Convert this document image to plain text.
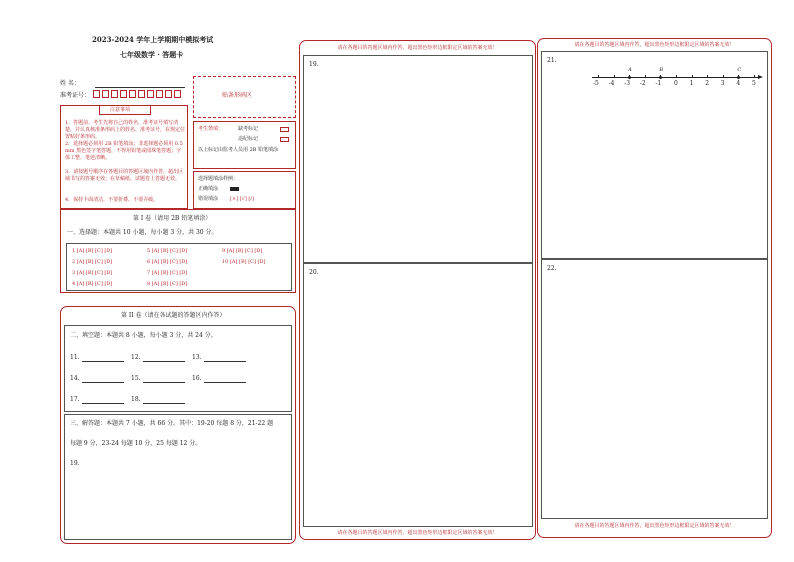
2023-2024 学年上学期期中模拟考试
七年级数学 · 答题卡
姓 名：
准考证号：	贴条形码区
注意事项
1．答题前，考生先将自己的姓名，准考证号填写清楚，并认真核准条形码上的姓名、准考证号，在规定位置贴好条形码。
2．选择题必须用 2B 铅笔填涂；非选择题必须用 0.5 mm 黑色签字笔答题，不得用铅笔或圆珠笔答题；字体工整、笔迹清晰。
3．请按题号顺序在各题目的答题区域内作答，超出区域书写的答案无效；在草稿纸、试题卷上答题无效。
4．保持卡面清洁，不要折叠、不要弄破。
考生禁填：	缺考标记
违纪标记
以上标记由监考人员用 2B 铅笔填涂
选择题填涂样例：
正确填涂
错误填涂 [×] [√] [/]
第 I 卷（请用 2B 铅笔填涂）
一、选择题：本题共 10 小题，每小题 3 分，共 30 分。
1 [A] [B] [C] [D]
2 [A] [B] [C] [D]
3 [A] [B] [C] [D]
4 [A] [B] [C] [D]
5 [A] [B] [C] [D]
6 [A] [B] [C] [D]
7 [A] [B] [C] [D]
8 [A] [B] [C] [D]
9 [A] [B] [C] [D]
10 [A] [B] [C] [D]
第 II 卷（请在各试题的答题区内作答）
二、填空题：本题共 8 小题，每小题 3 分，共 24 分。
11.	12.	13.
14.	15.	16.
17.	18.
三、解答题：本题共 7 小题，共 66 分。其中：19-20 每题 8 分，21-22 题
每题 9 分，23-24 每题 10 分，25 每题 12 分。
19.
请在各题目的答题区域内作答，超出黑色矩形边框限定区域的答案无效！
19.
20.
请在各题目的答题区域内作答，超出黑色矩形边框限定区域的答案无效！
请在各题目的答题区域内作答，超出黑色矩形边框限定区域的答案无效！
21.
-5 -4 -3 -2 -1 0 1 2 3 4 5
A	B	C
22.
请在各题目的答题区域内作答，超出黑色矩形边框限定区域的答案无效！
